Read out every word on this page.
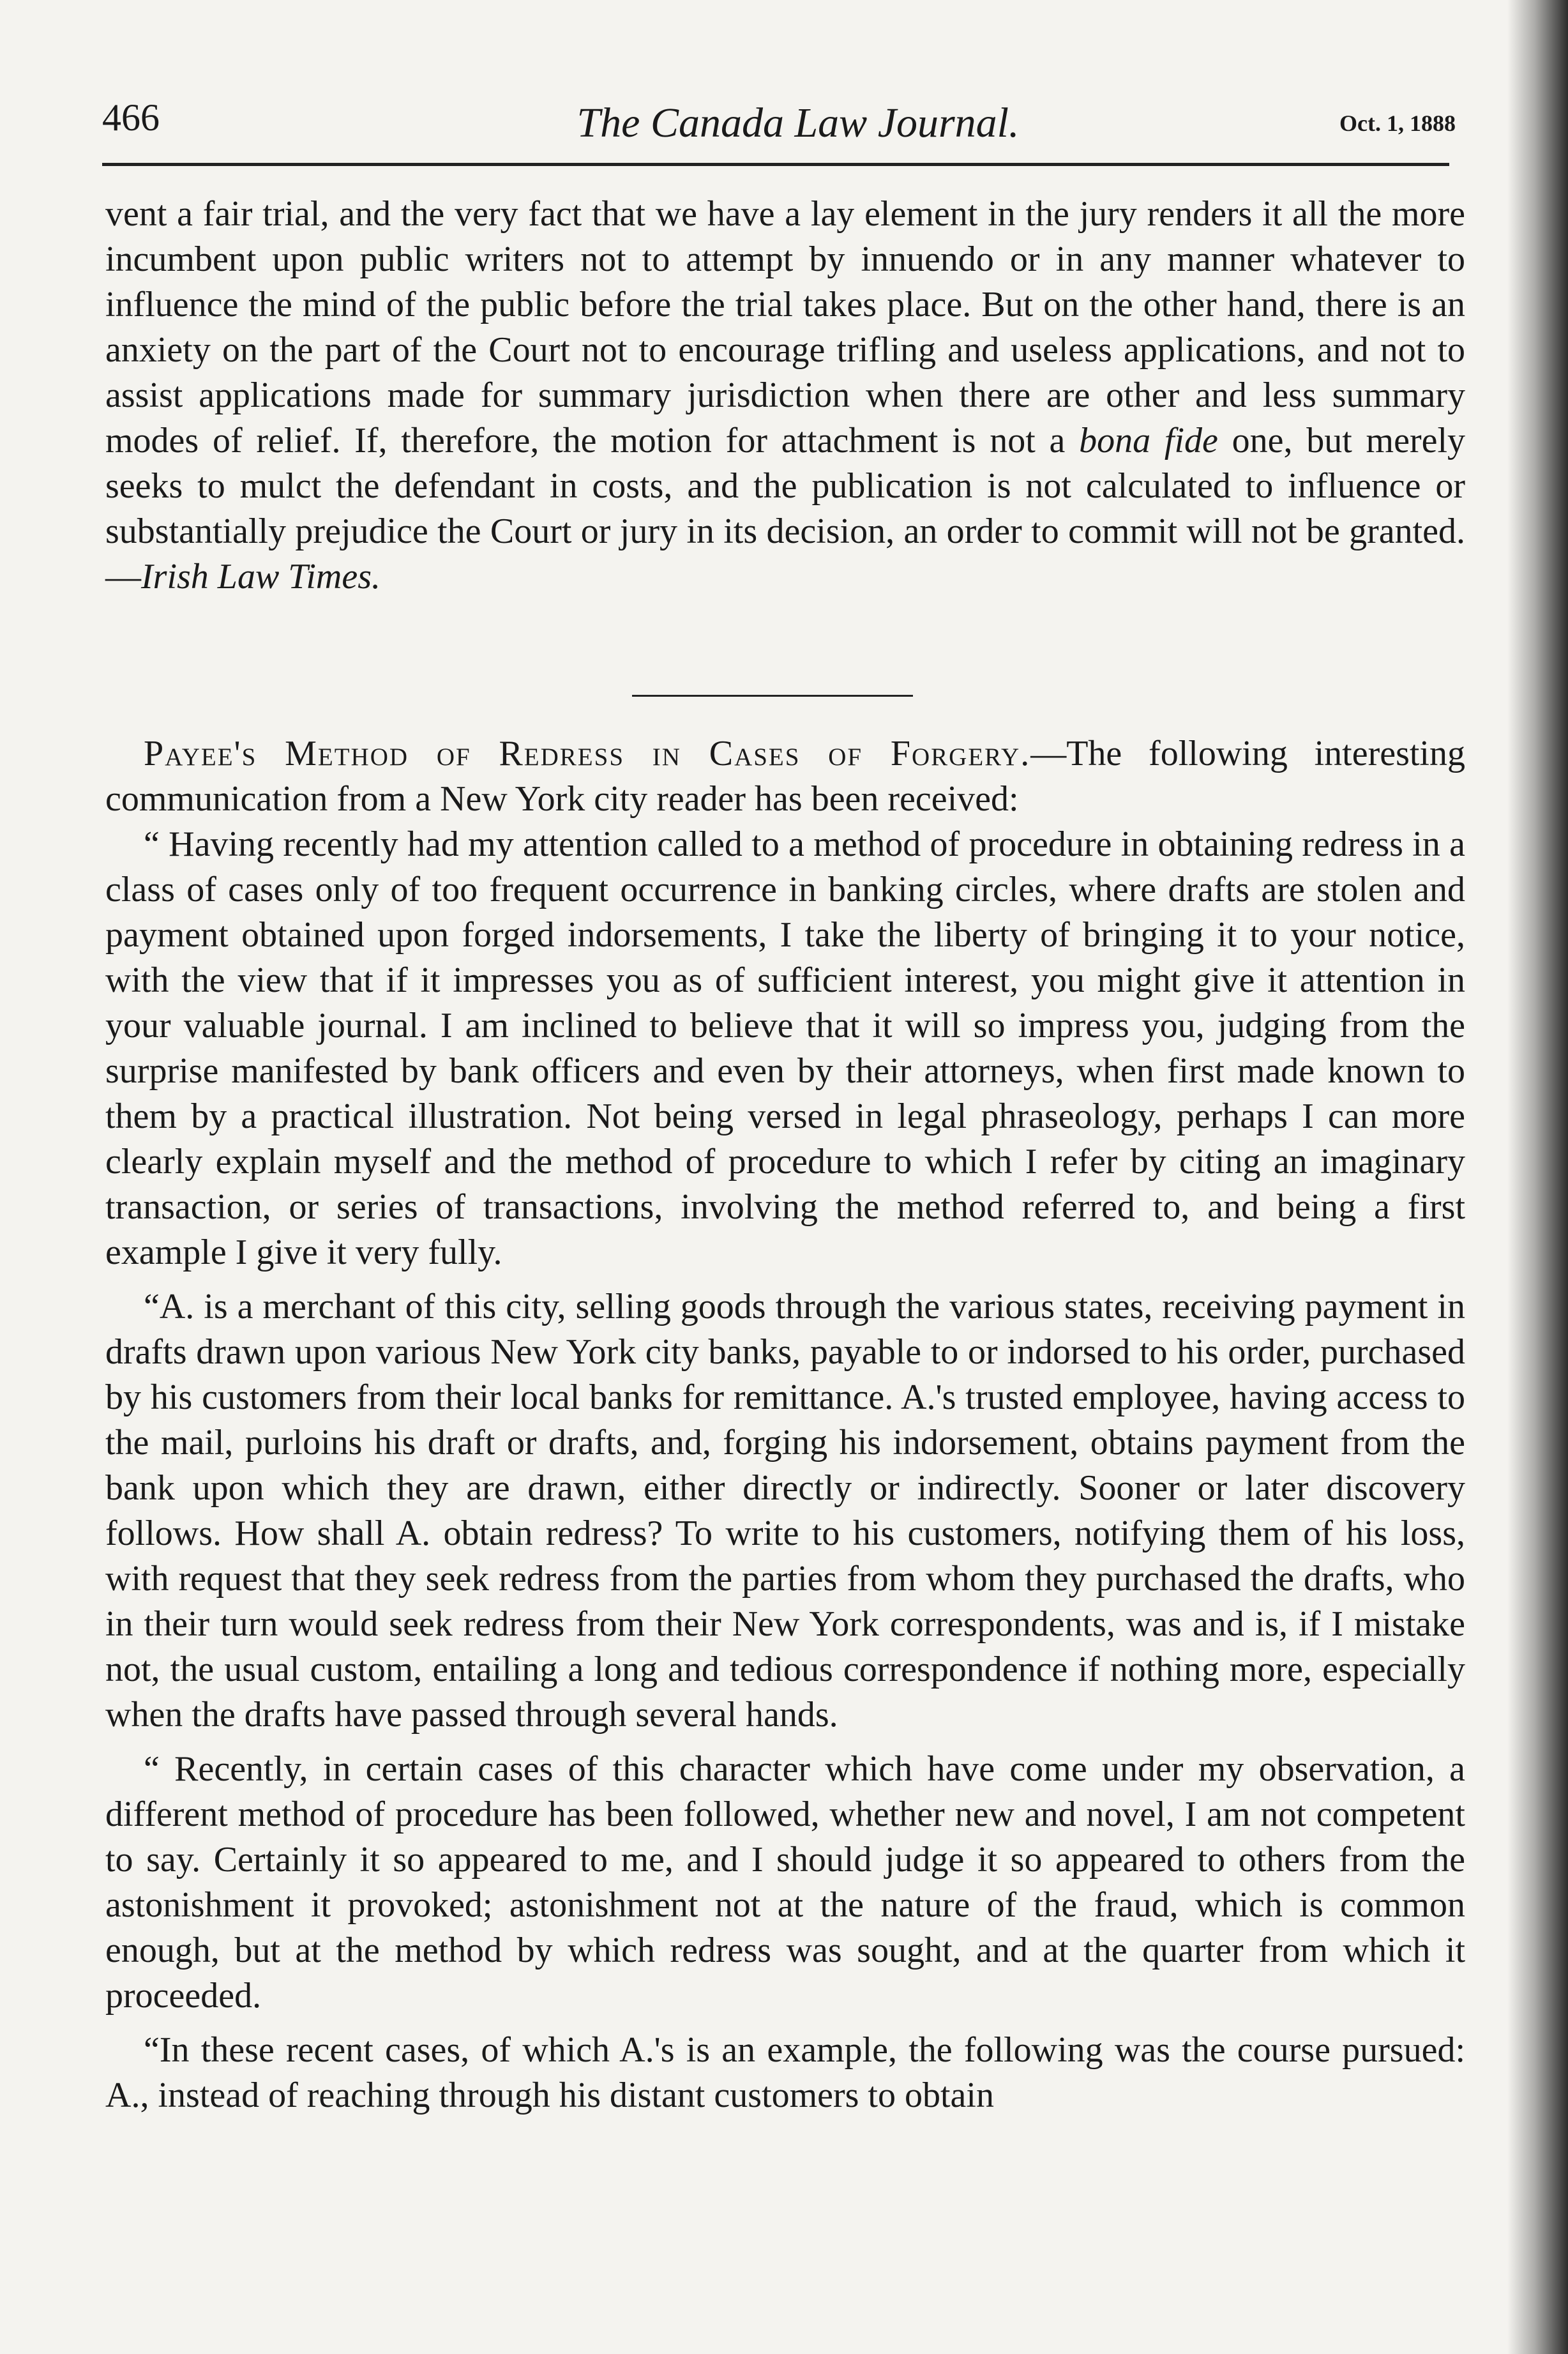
466	The Canada Law Journal.	Oct. 1, 1888

vent a fair trial, and the very fact that we have a lay element in the jury renders it all the more incumbent upon public writers not to attempt by innuendo or in any manner whatever to influence the mind of the public before the trial takes place. But on the other hand, there is an anxiety on the part of the Court not to encourage trifling and useless applications, and not to assist applications made for summary jurisdiction when there are other and less summary modes of relief. If, therefore, the motion for attachment is not a bona fide one, but merely seeks to mulct the defendant in costs, and the publication is not calculated to influence or substantially prejudice the Court or jury in its decision, an order to commit will not be granted.—Irish Law Times.

Payee's Method of Redress in Cases of Forgery.—The following interesting communication from a New York city reader has been received:

“ Having recently had my attention called to a method of procedure in obtaining redress in a class of cases only of too frequent occurrence in banking circles, where drafts are stolen and payment obtained upon forged indorsements, I take the liberty of bringing it to your notice, with the view that if it impresses you as of sufficient interest, you might give it attention in your valuable journal. I am inclined to believe that it will so impress you, judging from the surprise manifested by bank officers and even by their attorneys, when first made known to them by a practical illustration. Not being versed in legal phraseology, perhaps I can more clearly explain myself and the method of procedure to which I refer by citing an imaginary transaction, or series of transactions, involving the method referred to, and being a first example I give it very fully.

“A. is a merchant of this city, selling goods through the various states, receiving payment in drafts drawn upon various New York city banks, payable to or indorsed to his order, purchased by his customers from their local banks for remittance. A.'s trusted employee, having access to the mail, purloins his draft or drafts, and, forging his indorsement, obtains payment from the bank upon which they are drawn, either directly or indirectly. Sooner or later discovery follows. How shall A. obtain redress? To write to his customers, notifying them of his loss, with request that they seek redress from the parties from whom they purchased the drafts, who in their turn would seek redress from their New York correspondents, was and is, if I mistake not, the usual custom, entailing a long and tedious correspondence if nothing more, especially when the drafts have passed through several hands.

“ Recently, in certain cases of this character which have come under my observation, a different method of procedure has been followed, whether new and novel, I am not competent to say. Certainly it so appeared to me, and I should judge it so appeared to others from the astonishment it provoked; astonishment not at the nature of the fraud, which is common enough, but at the method by which redress was sought, and at the quarter from which it proceeded.

“In these recent cases, of which A.'s is an example, the following was the course pursued: A., instead of reaching through his distant customers to obtain
